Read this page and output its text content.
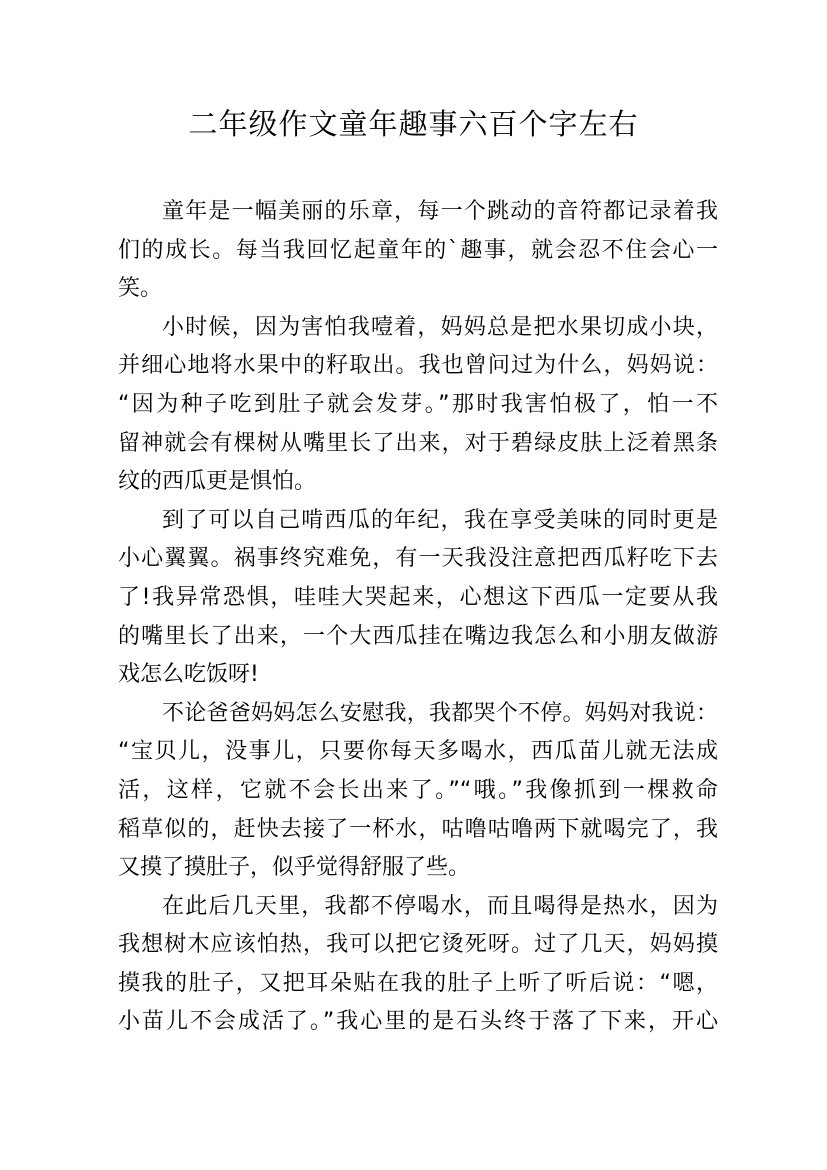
二年级作文童年趣事六百个字左右
童年是一幅美丽的乐章，每一个跳动的音符都记录着我
们的成长。每当我回忆起童年的`趣事，就会忍不住会心一
笑。
小时候，因为害怕我噎着，妈妈总是把水果切成小块，
并细心地将水果中的籽取出。我也曾问过为什么，妈妈说：
“因为种子吃到肚子就会发芽。”那时我害怕极了，怕一不
留神就会有棵树从嘴里长了出来，对于碧绿皮肤上泛着黑条
纹的西瓜更是惧怕。
到了可以自己啃西瓜的年纪，我在享受美味的同时更是
小心翼翼。祸事终究难免，有一天我没注意把西瓜籽吃下去
了!我异常恐惧，哇哇大哭起来，心想这下西瓜一定要从我
的嘴里长了出来，一个大西瓜挂在嘴边我怎么和小朋友做游
戏怎么吃饭呀!
不论爸爸妈妈怎么安慰我，我都哭个不停。妈妈对我说：
“宝贝儿，没事儿，只要你每天多喝水，西瓜苗儿就无法成
活，这样，它就不会长出来了。”“哦。”我像抓到一棵救命
稻草似的，赶快去接了一杯水，咕噜咕噜两下就喝完了，我
又摸了摸肚子，似乎觉得舒服了些。
在此后几天里，我都不停喝水，而且喝得是热水，因为
我想树木应该怕热，我可以把它烫死呀。过了几天，妈妈摸
摸我的肚子，又把耳朵贴在我的肚子上听了听后说：“嗯，
小苗儿不会成活了。”我心里的是石头终于落了下来，开心
